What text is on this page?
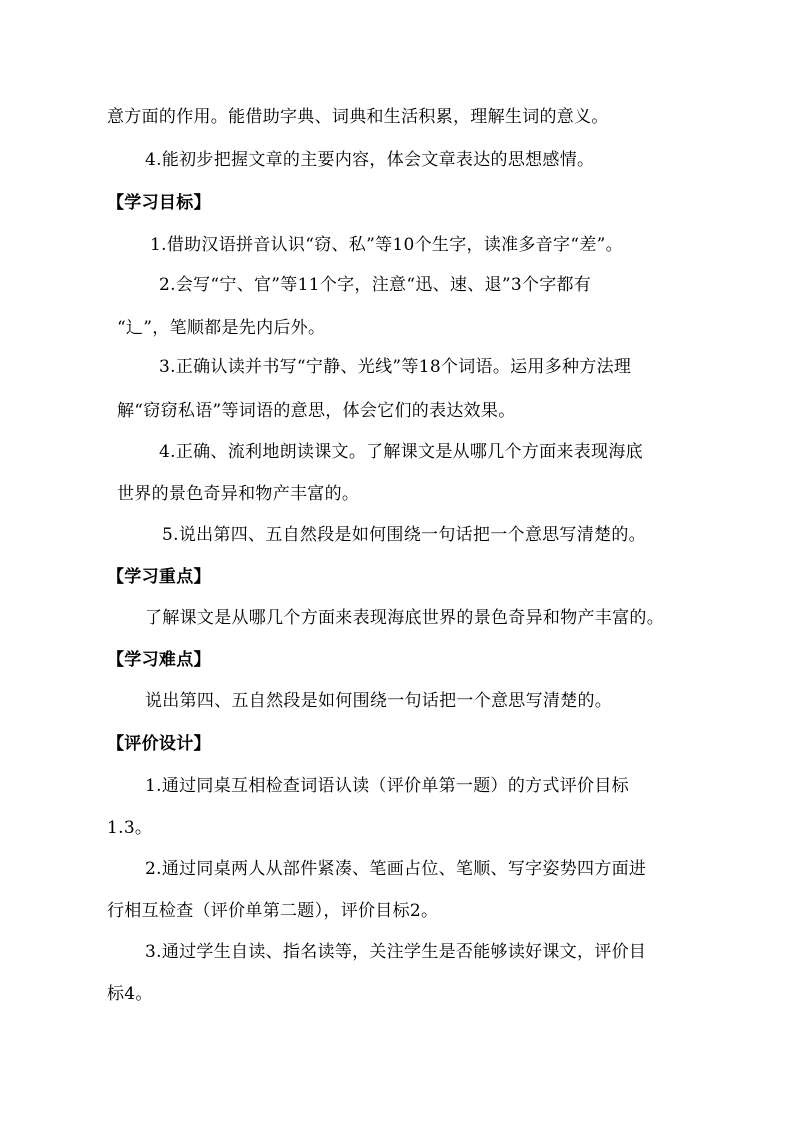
意方面的作用。能借助字典、词典和生活积累，理解生词的意义。
4.能初步把握文章的主要内容，体会文章表达的思想感情。
【学习目标】
1.借助汉语拼音认识“窃、私”等10个生字，读准多音字“差”。
2.会写“宁、官”等11个字，注意“迅、速、退”3个字都有
“辶”，笔顺都是先内后外。
3.正确认读并书写“宁静、光线”等18个词语。运用多种方法理
解“窃窃私语”等词语的意思，体会它们的表达效果。
4.正确、流利地朗读课文。了解课文是从哪几个方面来表现海底
世界的景色奇异和物产丰富的。
5.说出第四、五自然段是如何围绕一句话把一个意思写清楚的。
【学习重点】
了解课文是从哪几个方面来表现海底世界的景色奇异和物产丰富的。
【学习难点】
说出第四、五自然段是如何围绕一句话把一个意思写清楚的。
【评价设计】
1.通过同桌互相检查词语认读（评价单第一题）的方式评价目标
1.3。
2.通过同桌两人从部件紧凑、笔画占位、笔顺、写字姿势四方面进
行相互检查（评价单第二题），评价目标2。
3.通过学生自读、指名读等，关注学生是否能够读好课文，评价目
标4。
